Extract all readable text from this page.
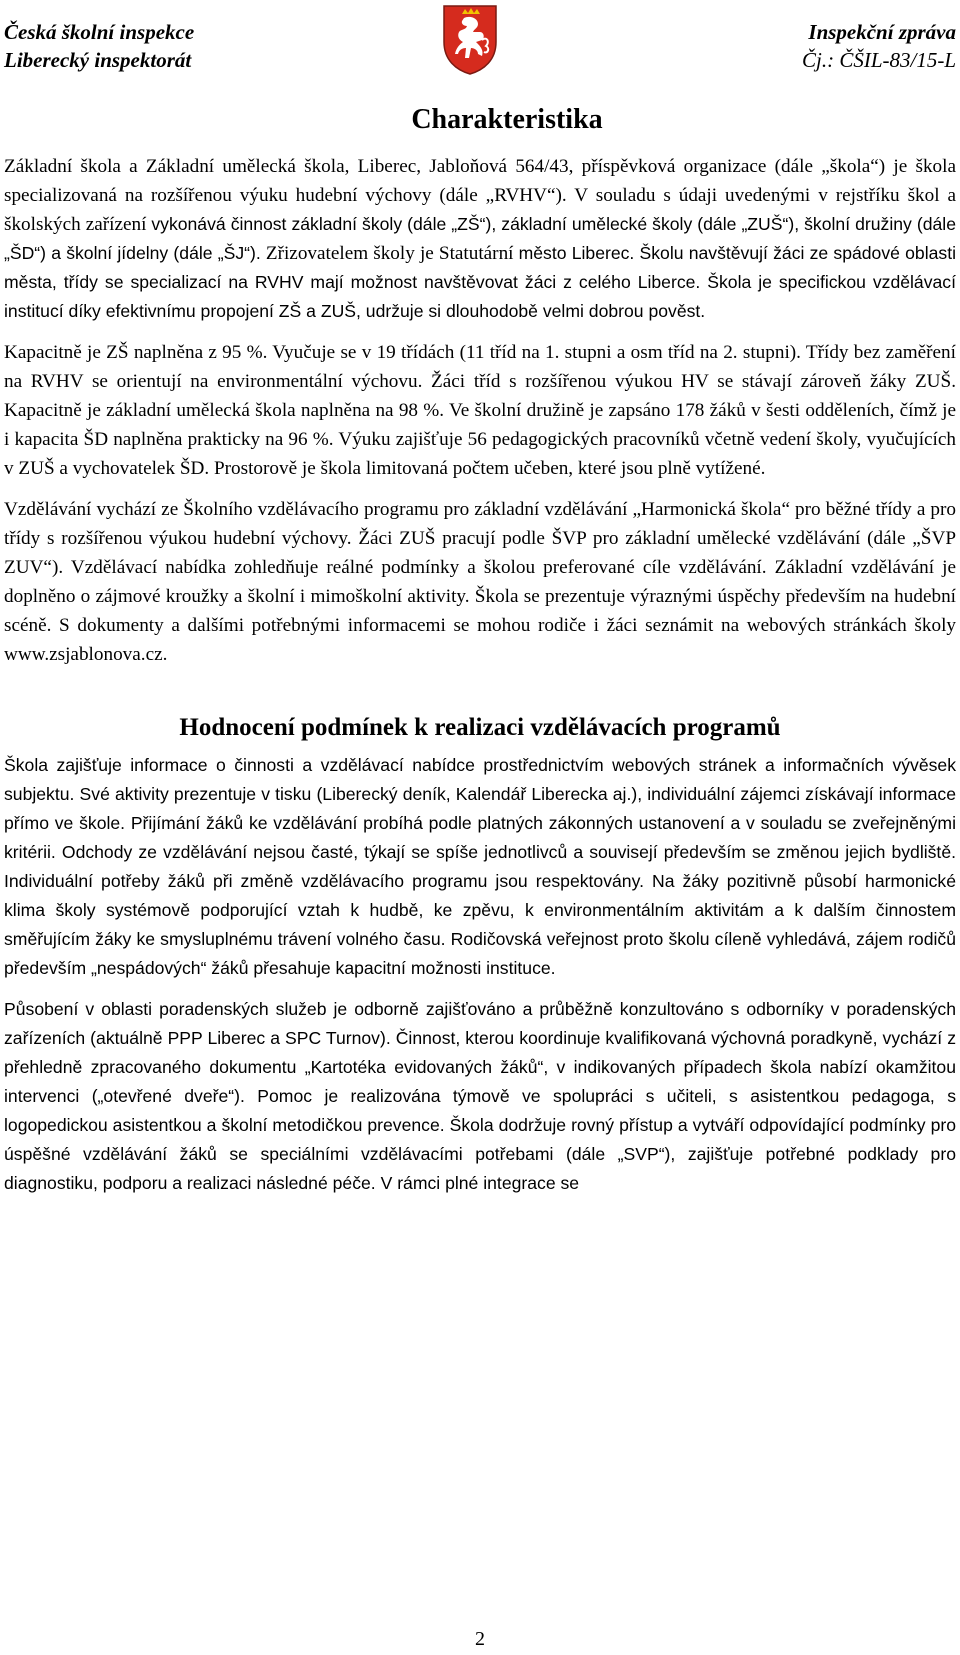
Česká školní inspekce
Liberecký inspektorát
Inspekční zpráva
Čj.: ČŠIL-83/15-L
Charakteristika

Základní škola a Základní umělecká škola, Liberec, Jabloňová 564/43, příspěvková organizace (dále „škola“) je škola specializovaná na rozšířenou výuku hudební výchovy (dále „RVHV“). V souladu s údaji uvedenými v rejstříku škol a školských zařízení vykonává činnost základní školy (dále „ZŠ“), základní umělecké školy (dále „ZUŠ“), školní družiny (dále „ŠD“) a školní jídelny (dále „ŠJ“). Zřizovatelem školy je Statutární město Liberec. Školu navštěvují žáci ze spádové oblasti města, třídy se specializací na RVHV mají možnost navštěvovat žáci z celého Liberce. Škola je specifickou vzdělávací institucí díky efektivnímu propojení ZŠ a ZUŠ, udržuje si dlouhodobě velmi dobrou pověst.

Kapacitně je ZŠ naplněna z 95 %. Vyučuje se v 19 třídách (11 tříd na 1. stupni a osm tříd na 2. stupni). Třídy bez zaměření na RVHV se orientují na environmentální výchovu. Žáci tříd s rozšířenou výukou HV se stávají zároveň žáky ZUŠ. Kapacitně je základní umělecká škola naplněna na 98 %. Ve školní družině je zapsáno 178 žáků v šesti odděleních, čímž je i kapacita ŠD naplněna prakticky na 96 %. Výuku zajišťuje 56 pedagogických pracovníků včetně vedení školy, vyučujících v ZUŠ a vychovatelek ŠD. Prostorově je škola limitovaná počtem učeben, které jsou plně vytížené.

Vzdělávání vychází ze Školního vzdělávacího programu pro základní vzdělávání „Harmonická škola“ pro běžné třídy a pro třídy s rozšířenou výukou hudební výchovy. Žáci ZUŠ pracují podle ŠVP pro základní umělecké vzdělávání (dále „ŠVP ZUV“). Vzdělávací nabídka zohledňuje reálné podmínky a školou preferované cíle vzdělávání. Základní vzdělávání je doplněno o zájmové kroužky a školní i mimoškolní aktivity. Škola se prezentuje výraznými úspěchy především na hudební scéně. S dokumenty a dalšími potřebnými informacemi se mohou rodiče i žáci seznámit na webových stránkách školy www.zsjablonova.cz.

Hodnocení podmínek k realizaci vzdělávacích programů

Škola zajišťuje informace o činnosti a vzdělávací nabídce prostřednictvím webových stránek a informačních vývěsek subjektu. Své aktivity prezentuje v tisku (Liberecký deník, Kalendář Liberecka aj.), individuální zájemci získávají informace přímo ve škole. Přijímání žáků ke vzdělávání probíhá podle platných zákonných ustanovení a v souladu se zveřejněnými kritérii. Odchody ze vzdělávání nejsou časté, týkají se spíše jednotlivců a souvisejí především se změnou jejich bydliště. Individuální potřeby žáků při změně vzdělávacího programu jsou respektovány. Na žáky pozitivně působí harmonické klima školy systémově podporující vztah k hudbě, ke zpěvu, k environmentálním aktivitám a k dalším činnostem směřujícím žáky ke smysluplnému trávení volného času. Rodičovská veřejnost proto školu cíleně vyhledává, zájem rodičů především „nespádových“ žáků přesahuje kapacitní možnosti instituce.

Působení v oblasti poradenských služeb je odborně zajišťováno a průběžně konzultováno s odborníky v poradenských zařízeních (aktuálně PPP Liberec a SPC Turnov). Činnost, kterou koordinuje kvalifikovaná výchovná poradkyně, vychází z přehledně zpracovaného dokumentu „Kartotéka evidovaných žáků“, v indikovaných případech škola nabízí okamžitou intervenci („otevřené dveře“). Pomoc je realizována týmově ve spolupráci s učiteli, s asistentkou pedagoga, s logopedickou asistentkou a školní metodičkou prevence. Škola dodržuje rovný přístup a vytváří odpovídající podmínky pro úspěšné vzdělávání žáků se speciálními vzdělávacími potřebami (dále „SVP“), zajišťuje potřebné podklady pro diagnostiku, podporu a realizaci následné péče. V rámci plné integrace se

2
